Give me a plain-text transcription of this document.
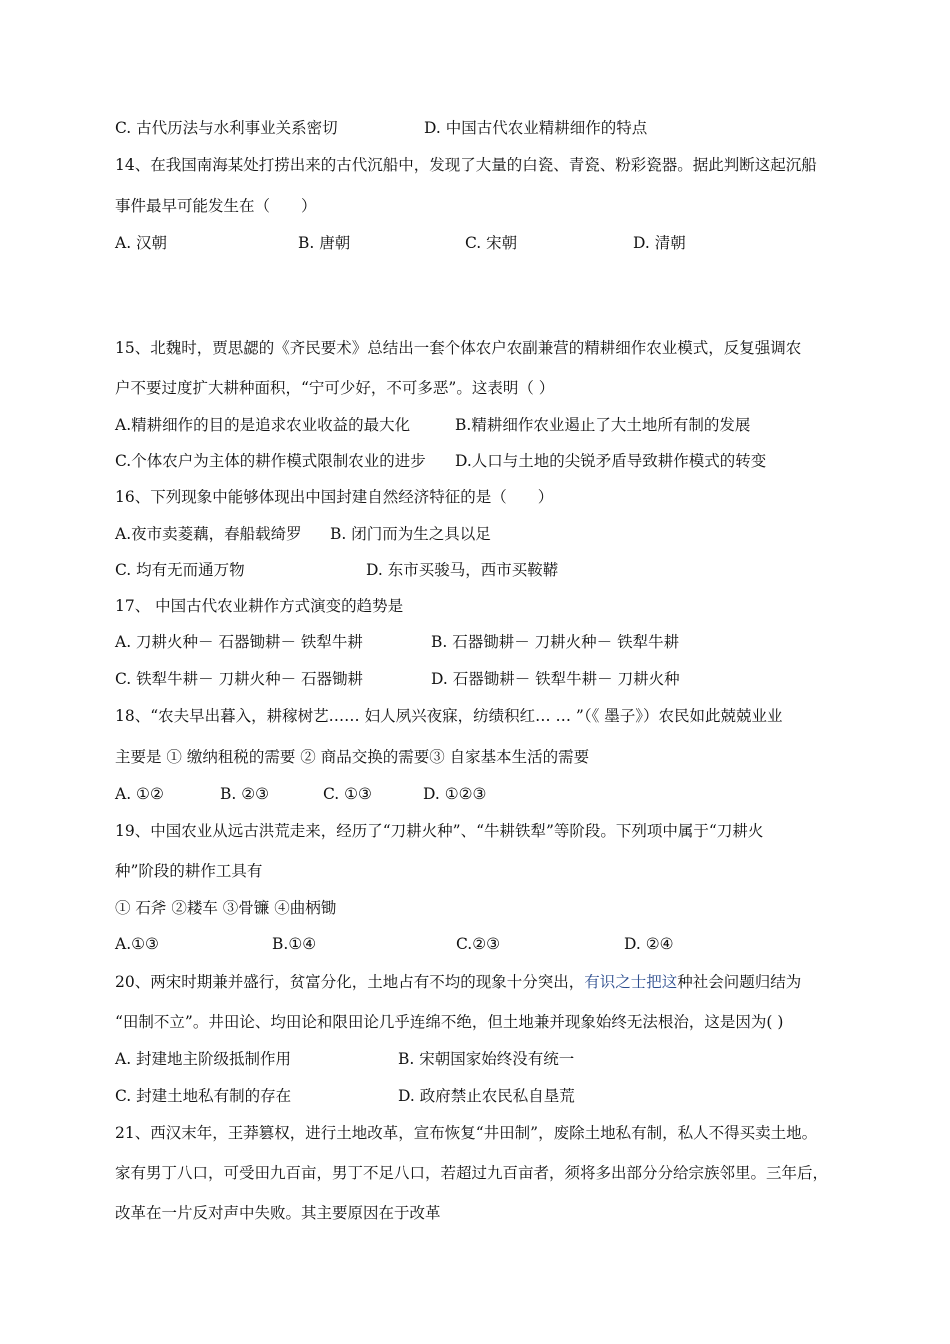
C. 古代历法与水利事业关系密切	D. 中国古代农业精耕细作的特点
14、在我国南海某处打捞出来的古代沉船中，发现了大量的白瓷、青瓷、粉彩瓷器。据此判断这起沉船
事件最早可能发生在（　　）
A. 汉朝	B. 唐朝	C. 宋朝	D. 清朝
15、北魏时，贾思勰的《齐民要术》总结出一套个体农户农副兼营的精耕细作农业模式，反复强调农
户不要过度扩大耕种面积，“宁可少好，不可多恶”。这表明（ ）
A.精耕细作的目的是追求农业收益的最大化	B.精耕细作农业遏止了大土地所有制的发展
C.个体农户为主体的耕作模式限制农业的进步 D.人口与土地的尖锐矛盾导致耕作模式的转变
16、下列现象中能够体现出中国封建自然经济特征的是（　　）
A.夜市卖菱藕，春船载绮罗 B. 闭门而为生之具以足
C. 均有无而通万物	D. 东市买骏马，西市买鞍鞯
17、 中国古代农业耕作方式演变的趋势是
A. 刀耕火种－ 石器锄耕－ 铁犁牛耕	B. 石器锄耕－ 刀耕火种－ 铁犁牛耕
C. 铁犁牛耕－ 刀耕火种－ 石器锄耕	D. 石器锄耕－ 铁犁牛耕－ 刀耕火种
18、“农夫早出暮入，耕稼树艺…… 妇人夙兴夜寐，纺绩积红… … ”（《 墨子》）农民如此兢兢业业
主要是 ① 缴纳租税的需要 ② 商品交换的需要③ 自家基本生活的需要
A. ①②	B. ②③	C. ①③	D. ①②③
19、中国农业从远古洪荒走来，经历了“刀耕火种”、“牛耕铁犁”等阶段。下列项中属于“刀耕火
种”阶段的耕作工具有
① 石斧 ②耧车 ③骨镰 ④曲柄锄
A.①③	B.①④	C.②③	D. ②④
20、两宋时期兼并盛行，贫富分化，土地占有不均的现象十分突出，有识之士把这种社会问题归结为
“田制不立”。井田论、均田论和限田论几乎连绵不绝，但土地兼并现象始终无法根治，这是因为( )
A. 封建地主阶级抵制作用	B. 宋朝国家始终没有统一
C. 封建土地私有制的存在	D. 政府禁止农民私自垦荒
21、西汉末年，王莽篡权，进行土地改革，宣布恢复“井田制”，废除土地私有制，私人不得买卖土地。
家有男丁八口，可受田九百亩，男丁不足八口，若超过九百亩者，须将多出部分分给宗族邻里。三年后，
改革在一片反对声中失败。其主要原因在于改革
